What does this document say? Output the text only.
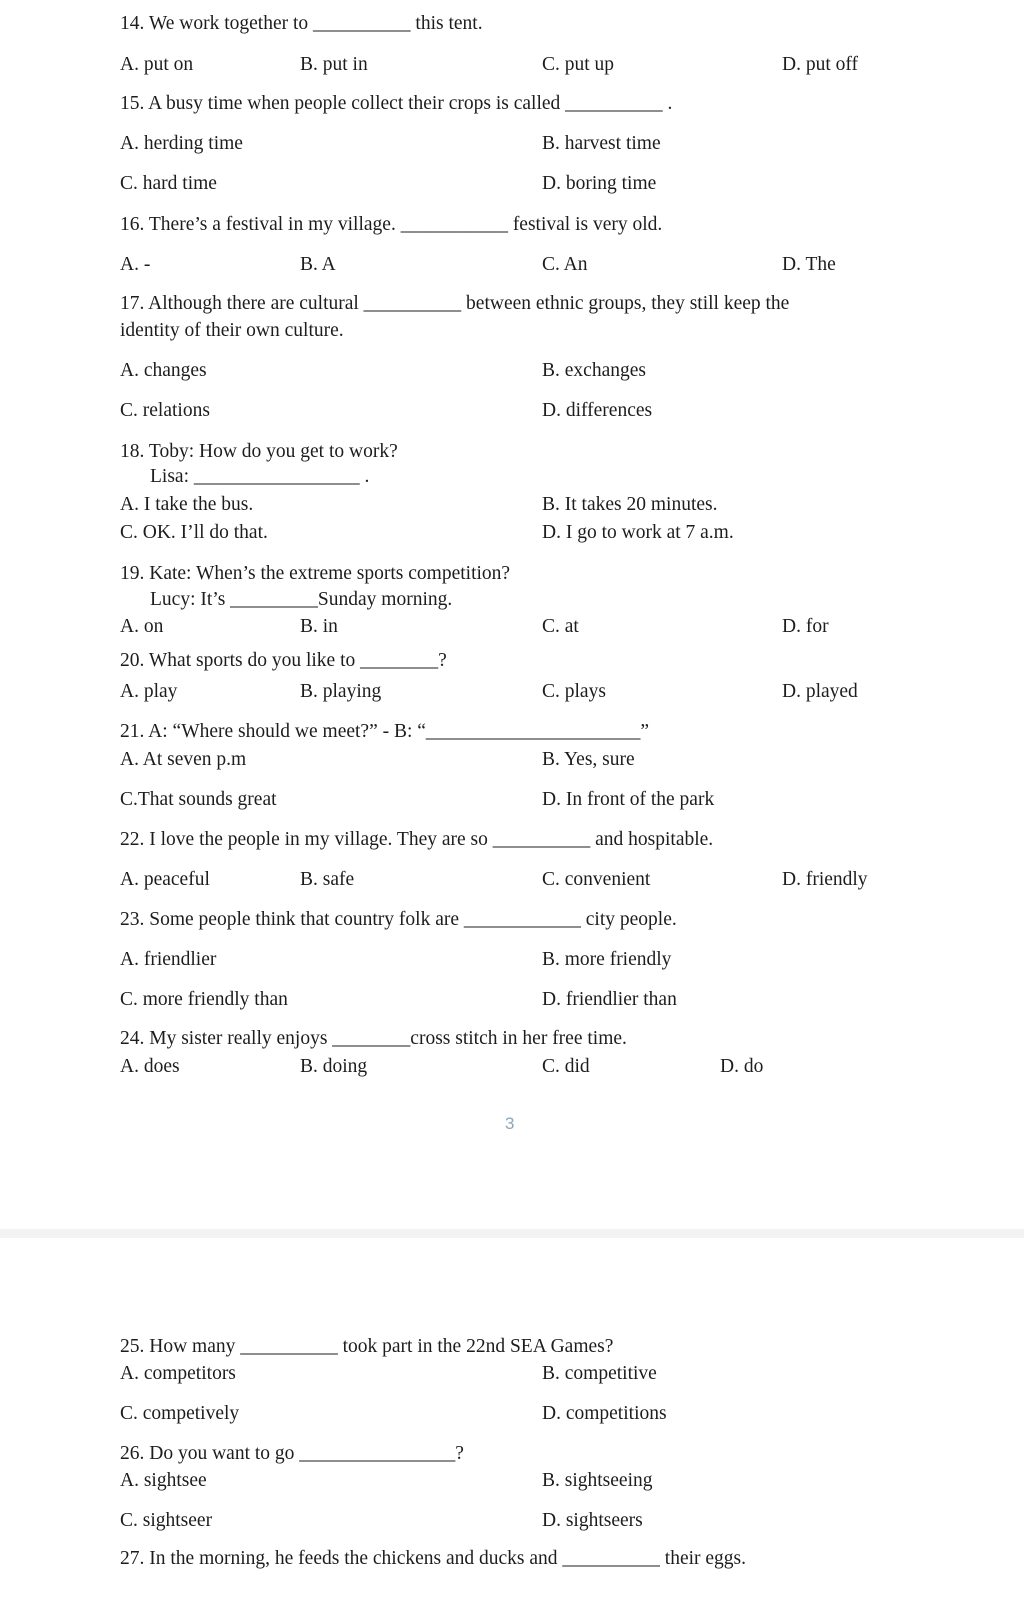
14. We work together to __________ this tent.
A. put on	B. put in	C. put up	D. put off
15. A busy time when people collect their crops is called __________ .
A. herding time	B. harvest time
C. hard time	D. boring time
16. There’s a festival in my village. ___________ festival is very old.
A. -	B. A	C. An	D. The
17. Although there are cultural __________ between ethnic groups, they still keep the
identity of their own culture.
A. changes	B. exchanges
C. relations	D. differences
18. Toby: How do you get to work?
Lisa: _________________ .
A. I take the bus.	B. It takes 20 minutes.
C. OK. I’ll do that.	D. I go to work at 7 a.m.
19. Kate: When’s the extreme sports competition?
Lucy: It’s _________Sunday morning.
A. on	B. in	C. at	D. for
20. What sports do you like to ________?
A. play	B. playing	C. plays	D. played
21. A: “Where should we meet?” - B: “______________________”
A. At seven p.m	B. Yes, sure
C.That sounds great	D. In front of the park
22. I love the people in my village. They are so __________ and hospitable.
A. peaceful	B. safe	C. convenient	D. friendly
23. Some people think that country folk are ____________ city people.
A. friendlier	B. more friendly
C. more friendly than	D. friendlier than
24. My sister really enjoys ________cross stitch in her free time.
A. does	B. doing	C. did	D. do
3
25. How many __________ took part in the 22nd SEA Games?
A. competitors	B. competitive
C. competively	D. competitions
26. Do you want to go ________________?
A. sightsee	B. sightseeing
C. sightseer	D. sightseers
27. In the morning, he feeds the chickens and ducks and __________ their eggs.
